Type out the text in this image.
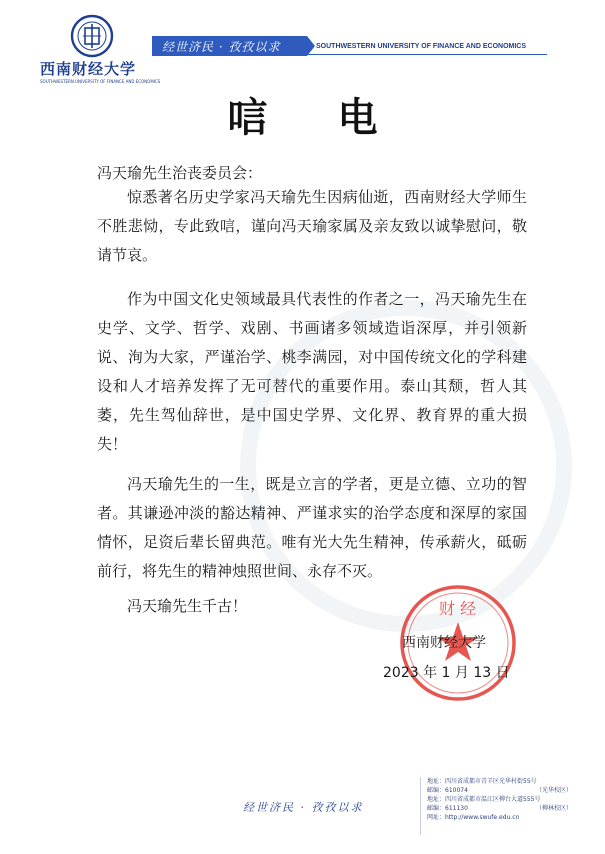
西南财经大学
SOUTHWESTERN UNIVERSITY OF FINANCE AND ECONOMICS
经世济民 · 孜孜以求	SOUTHWESTERN UNIVERSITY OF FINANCE AND ECONOMICS
唁电
冯天瑜先生治丧委员会：

惊悉著名历史学家冯天瑜先生因病仙逝，西南财经大学师生不胜悲恸，专此致唁，谨向冯天瑜家属及亲友致以诚挚慰问，敬请节哀。

作为中国文化史领域最具代表性的作者之一，冯天瑜先生在史学、文学、哲学、戏剧、书画诸多领域造诣深厚，并引领新说、洵为大家，严谨治学、桃李满园，对中国传统文化的学科建设和人才培养发挥了无可替代的重要作用。泰山其颓，哲人其萎，先生驾仙辞世，是中国史学界、文化界、教育界的重大损失！

冯天瑜先生的一生，既是立言的学者，更是立德、立功的智者。其谦逊冲淡的豁达精神、严谨求实的治学态度和深厚的家国情怀，足资后辈长留典范。唯有光大先生精神，传承薪火，砥砺前行，将先生的精神烛照世间、永存不灭。

冯天瑜先生千古！	财 经
西南财经大学
2023 年 1 月 13 日
经世济民 · 孜孜以求
地址：四川省成都市青羊区光华村街55号
邮编：610074	（光华校区）
地址：四川省成都市温江区柳台大道555号
邮编：611130	（柳林校区）
网址：http://www.swufe.edu.cn
